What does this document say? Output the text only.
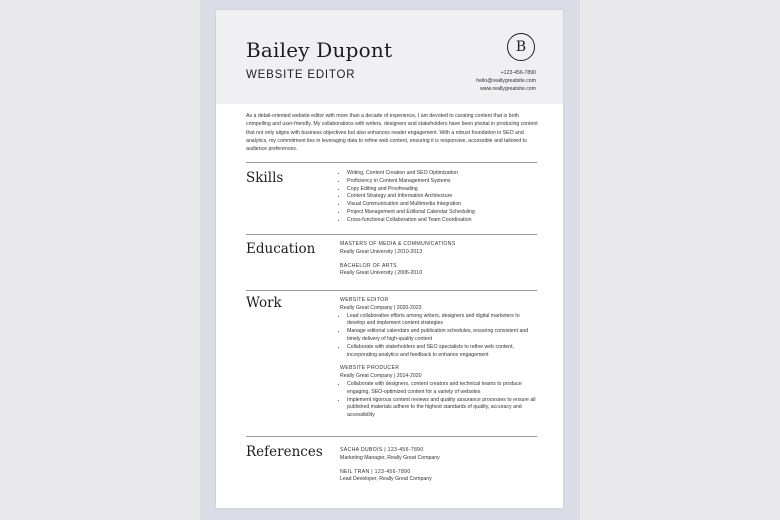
Bailey Dupont
WEBSITE EDITOR
B
+123-456-7890
hello@reallygreatsite.com
www.reallygreatsite.com
As a detail-oriented website editor with more than a decade of experience, I am devoted to curating content that is both compelling and user-friendly. My collaborations with writers, designers and stakeholders have been pivotal in producing content that not only aligns with business objectives but also enhances reader engagement. With a robust foundation in SEO and analytics, my commitment lies in leveraging data to refine web content, ensuring it is responsive, accessible and tailored to audience preferences.
Skills
•	Writing, Content Creation and SEO Optimization
• Proficiency in Content Management Systems
• Copy Editing and Proofreading
• Content Strategy and Information Architecture
• Visual Communication and Multimedia Integration
• Project Management and Editorial Calendar Scheduling
• Cross-functional Collaboration and Team Coordination
Education	MASTERS OF MEDIA & COMMUNICATIONS
Really Great University | 2010-2013
BACHELOR OF ARTS
Really Great University | 2006-2010
Work	WEBSITE EDITOR
Really Great Company | 2020-2023
• Lead collaborative efforts among writers, designers and digital marketers to develop and implement content strategies
• Manage editorial calendars and publication schedules, ensuring consistent and timely delivery of high-quality content
• Collaborate with stakeholders and SEO specialists to refine web content, incorporating analytics and feedback to enhance engagement
WEBSITE PRODUCER
Really Great Company | 2014-2020
• Collaborate with designers, content creators and technical teams to produce engaging, SEO-optimized content for a variety of websites
• Implement rigorous content reviews and quality assurance processes to ensure all published materials adhere to the highest standards of quality, accuracy and accessibility
References	SACHA DUBOIS | 123-456-7890
Marketing Manager, Really Great Company
NEIL TRAN | 123-456-7890
Lead Developer, Really Great Company
